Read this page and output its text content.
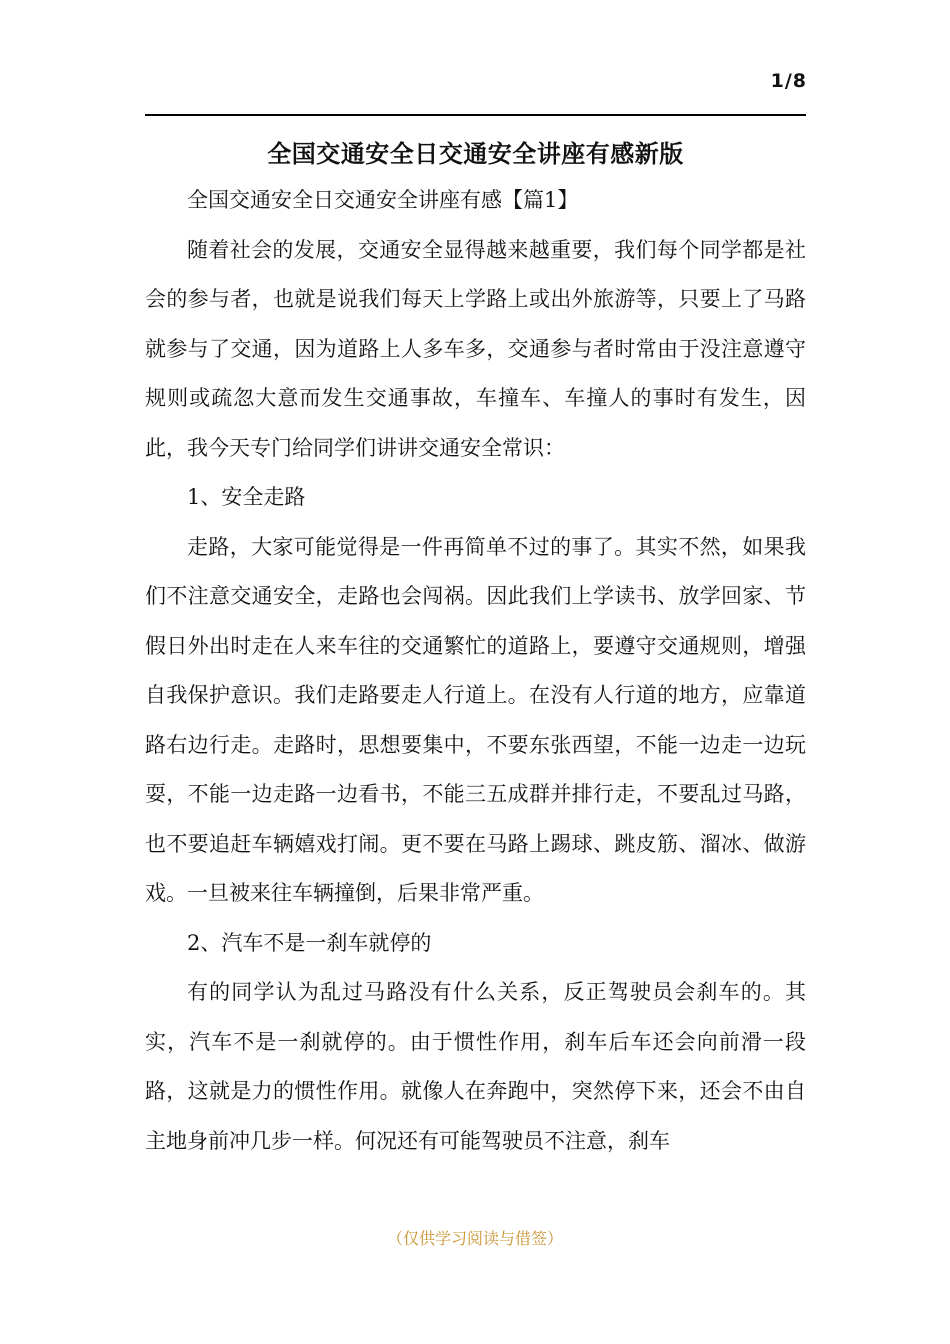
1/8
全国交通安全日交通安全讲座有感新版

全国交通安全日交通安全讲座有感【篇1】

随着社会的发展，交通安全显得越来越重要，我们每个同学都是社会的参与者，也就是说我们每天上学路上或出外旅游等，只要上了马路就参与了交通，因为道路上人多车多，交通参与者时常由于没注意遵守规则或疏忽大意而发生交通事故，车撞车、车撞人的事时有发生，因此，我今天专门给同学们讲讲交通安全常识：

1、安全走路

走路，大家可能觉得是一件再简单不过的事了。其实不然，如果我们不注意交通安全，走路也会闯祸。因此我们上学读书、放学回家、节假日外出时走在人来车往的交通繁忙的道路上，要遵守交通规则，增强自我保护意识。我们走路要走人行道上。在没有人行道的地方，应靠道路右边行走。走路时，思想要集中，不要东张西望，不能一边走一边玩耍，不能一边走路一边看书，不能三五成群并排行走，不要乱过马路，也不要追赶车辆嬉戏打闹。更不要在马路上踢球、跳皮筋、溜冰、做游戏。一旦被来往车辆撞倒，后果非常严重。

2、汽车不是一刹车就停的

有的同学认为乱过马路没有什么关系，反正驾驶员会刹车的。其实，汽车不是一刹就停的。由于惯性作用，刹车后车还会向前滑一段路，这就是力的惯性作用。就像人在奔跑中，突然停下来，还会不由自主地身前冲几步一样。何况还有可能驾驶员不注意，刹车

（仅供学习阅读与借签）
